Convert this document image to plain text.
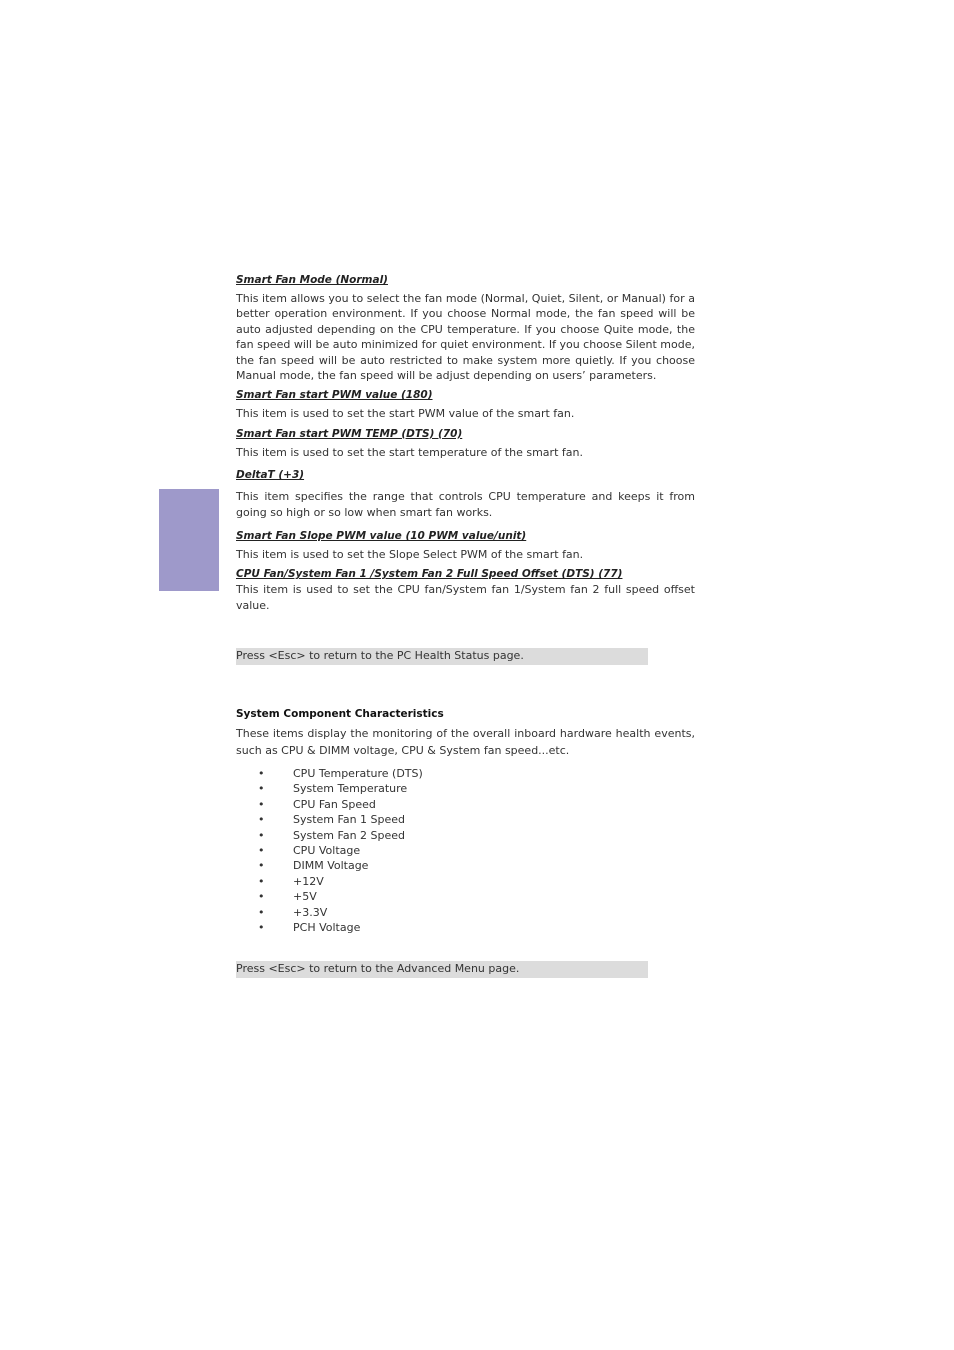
Smart Fan Mode (Normal)

This item allows you to select the fan mode (Normal, Quiet, Silent, or Manual) for a better operation environment. If you choose Normal mode, the fan speed will be auto adjusted depending on the CPU temperature. If you choose Quite mode, the fan speed will be auto minimized for quiet environment. If you choose Silent mode, the fan speed will be auto restricted to make system more quietly. If you choose Manual mode, the fan speed will be adjust depending on users’ parameters.

Smart Fan start PWM value (180)

This item is used to set the start PWM value of the smart fan.

Smart Fan start PWM TEMP (DTS) (70)

This item is used to set the start temperature of the smart fan.

DeltaT (+3)

This item specifies the range that controls CPU temperature and keeps it from going so high or so low when smart fan works.

Smart Fan Slope PWM value (10 PWM value/unit)

This item is used to set the Slope Select PWM of the smart fan.

CPU Fan/System Fan 1 /System Fan 2 Full Speed Offset (DTS) (77)

This item is used to set the CPU fan/System fan 1/System fan 2 full speed offset value.

Press <Esc> to return to the PC Health Status page.

System Component Characteristics

These items display the monitoring of the overall inboard hardware health events, such as CPU & DIMM voltage, CPU & System fan speed...etc.

•	CPU Temperature (DTS)
•	System Temperature
•	CPU Fan Speed
•	System Fan 1 Speed
•	System Fan 2 Speed
•	CPU Voltage
•	DIMM Voltage
•	+12V
•	+5V
•	+3.3V
•	PCH Voltage
Press <Esc> to return to the Advanced Menu page.
